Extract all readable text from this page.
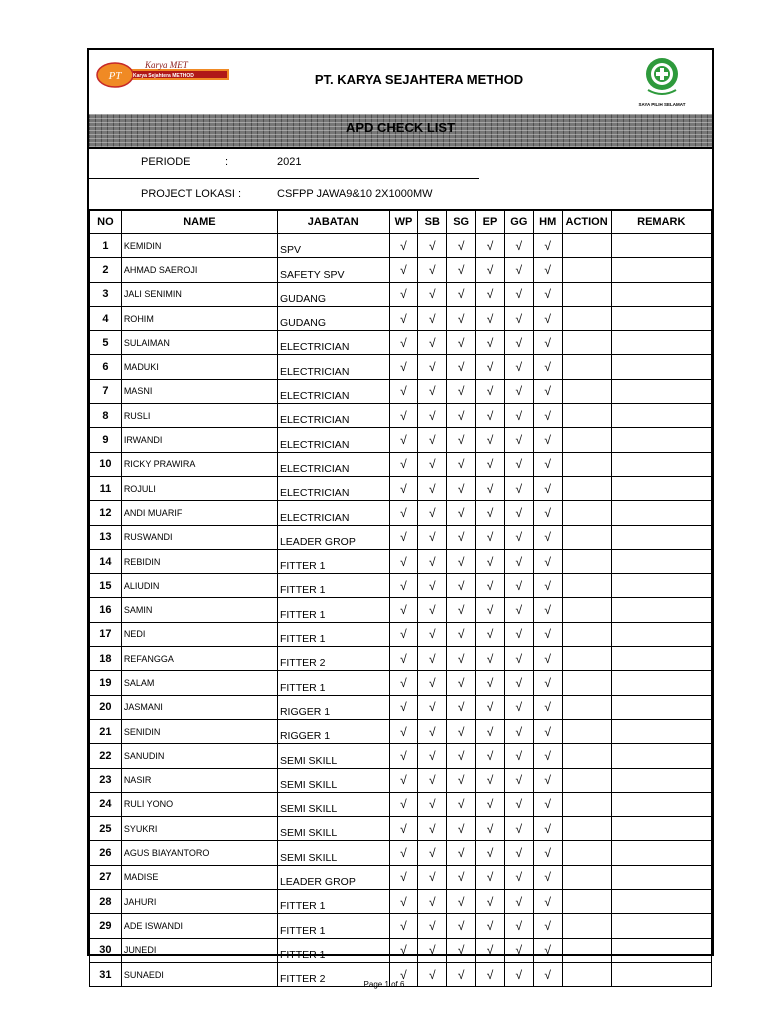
PT
Karya MET
Karya Sejahtera METHOD	PT. KARYA SEJAHTERA METHOD
SAYA PILIH SELAMAT
APD CHECK LIST
PERIODE	:	2021
PROJECT LOKASI :	CSFPP JAWA9&10 2X1000MW
NO	NAME	JABATAN	WP	SB	SG	EP	GG	HM	ACTION	REMARK
1	KEMIDIN	SPV	√	√	√	√	√	√		
2	AHMAD SAEROJI	SAFETY SPV	√	√	√	√	√	√		
3	JALI SENIMIN	GUDANG	√	√	√	√	√	√		
4	ROHIM	GUDANG	√	√	√	√	√	√		
5	SULAIMAN	ELECTRICIAN	√	√	√	√	√	√		
6	MADUKI	ELECTRICIAN	√	√	√	√	√	√		
7	MASNI	ELECTRICIAN	√	√	√	√	√	√		
8	RUSLI	ELECTRICIAN	√	√	√	√	√	√		
9	IRWANDI	ELECTRICIAN	√	√	√	√	√	√		
10	RICKY PRAWIRA	ELECTRICIAN	√	√	√	√	√	√		
11	ROJULI	ELECTRICIAN	√	√	√	√	√	√		
12	ANDI MUARIF	ELECTRICIAN	√	√	√	√	√	√		
13	RUSWANDI	LEADER GROP	√	√	√	√	√	√		
14	REBIDIN	FITTER 1	√	√	√	√	√	√		
15	ALIUDIN	FITTER 1	√	√	√	√	√	√		
16	SAMIN	FITTER 1	√	√	√	√	√	√		
17	NEDI	FITTER 1	√	√	√	√	√	√		
18	REFANGGA	FITTER 2	√	√	√	√	√	√		
19	SALAM	FITTER 1	√	√	√	√	√	√		
20	JASMANI	RIGGER 1	√	√	√	√	√	√		
21	SENIDIN	RIGGER 1	√	√	√	√	√	√		
22	SANUDIN	SEMI SKILL	√	√	√	√	√	√		
23	NASIR	SEMI SKILL	√	√	√	√	√	√		
24	RULI YONO	SEMI SKILL	√	√	√	√	√	√		
25	SYUKRI	SEMI SKILL	√	√	√	√	√	√		
26	AGUS BIAYANTORO	SEMI SKILL	√	√	√	√	√	√		
27	MADISE	LEADER GROP	√	√	√	√	√	√		
28	JAHURI	FITTER 1	√	√	√	√	√	√		
29	ADE ISWANDI	FITTER 1	√	√	√	√	√	√		
30	JUNEDI	FITTER 1	√	√	√	√	√	√		
31	SUNAEDI	FITTER 2	√	√	√	√	√	√		
Page 1 of 6
